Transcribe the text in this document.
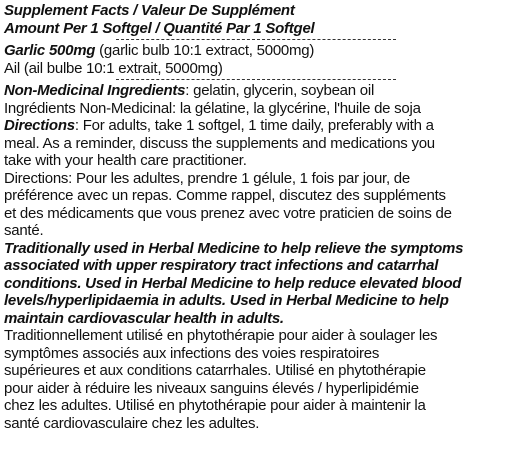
Supplement Facts / Valeur De Supplément
Amount Per 1 Softgel / Quantité Par 1 Softgel
Garlic 500mg (garlic bulb 10:1 extract, 5000mg)
Ail (ail bulbe 10:1 extrait, 5000mg)
Non-Medicinal Ingredients: gelatin, glycerin, soybean oil
Ingrédients Non-Medicinal: la gélatine, la glycérine, l'huile de soja
Directions: For adults, take 1 softgel, 1 time daily, preferably with a
meal. As a reminder, discuss the supplements and medications you
take with your health care practitioner.
Directions: Pour les adultes, prendre 1 gélule, 1 fois par jour, de
préférence avec un repas. Comme rappel, discutez des suppléments
et des médicaments que vous prenez avec votre praticien de soins de
santé.
Traditionally used in Herbal Medicine to help relieve the symptoms
associated with upper respiratory tract infections and catarrhal
conditions. Used in Herbal Medicine to help reduce elevated blood
levels/hyperlipidaemia in adults. Used in Herbal Medicine to help
maintain cardiovascular health in adults.
Traditionnellement utilisé en phytothérapie pour aider à soulager les
symptômes associés aux infections des voies respiratoires
supérieures et aux conditions catarrhales. Utilisé en phytothérapie
pour aider à réduire les niveaux sanguins élevés / hyperlipidémie
chez les adultes. Utilisé en phytothérapie pour aider à maintenir la
santé cardiovasculaire chez les adultes.
